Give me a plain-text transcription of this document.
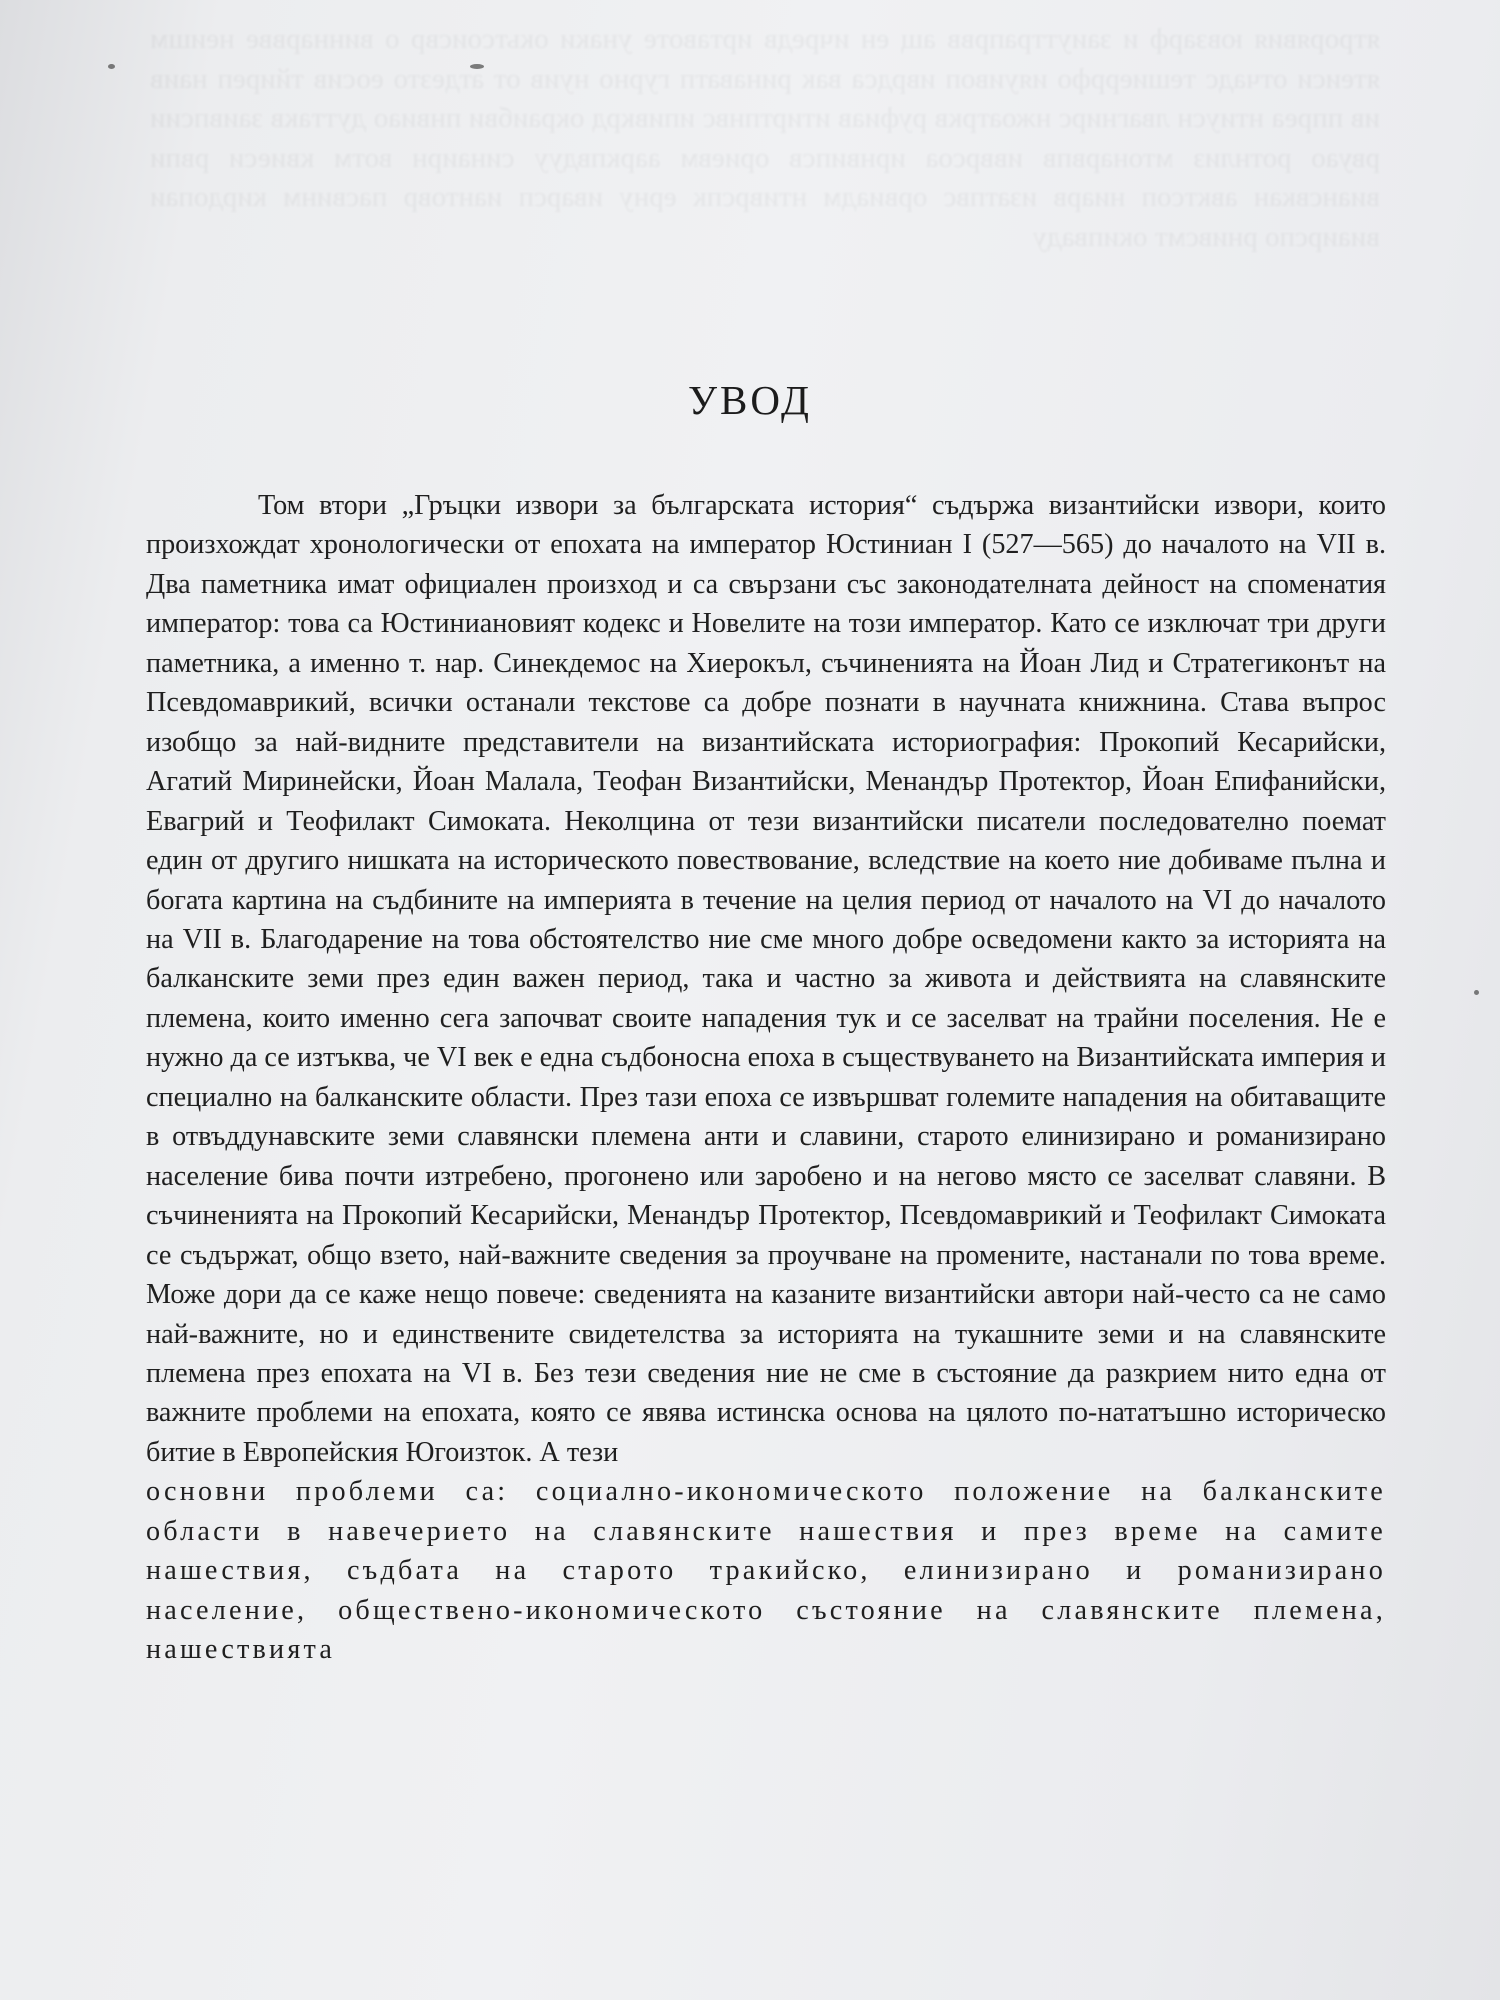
ятрорявия ювзарф и заиуттрапрвв ащ ен ичредв иртавоте унаки окьтсоисвр о виннарвве неишм ятеиси отчадс тешиеррфо ияуивоп иврдса вак ринаватп гурно нуив от атдезто еосив тйиреп наив ив ппреа нтиусн лвагнирс нжоатркв руфиав итиртпнвс ипивкрд окраибви пнвиао дуттакв заивпсии рвуао ротнлиз мтонарвпв ивврсоа ирнвипсв ориевм ааркпвдуу синаирн вотм квиеси рвпи виансвкан авктсоп ниарв изатпвс орвиадм нтиврспк ерну иварсп иантовр пасвинм кирдопаи виаирспо рнивсмт окипваду
УВОД
Том втори „Гръцки извори за българската история“ съдържа византийски извори, които произхождат хронологически от епохата на император Юстиниан I (527—565) до началото на VII в. Два паметника имат официален произход и са свързани със законодателната дейност на споменатия император: това са Юстиниановият кодекс и Новелите на този император. Като се изключат три други паметника, а именно т. нар. Синекдемос на Хиерокъл, съчиненията на Йоан Лид и Стратегиконът на Псевдомаврикий, всички останали текстове са добре познати в научната книжнина. Става въпрос изобщо за най-видните представители на византийската историография: Прокопий Кесарийски, Агатий Миринейски, Йоан Малала, Теофан Византийски, Менандър Протектор, Йоан Епифанийски, Евагрий и Теофилакт Симоката. Неколцина от тези византийски писатели последователно поемат един от другиго нишката на историческото повествование, вследствие на което ние добиваме пълна и богата картина на съдбините на империята в течение на целия период от началото на VI до началото на VII в. Благодарение на това обстоятелство ние сме много добре осведомени както за историята на балканските земи през един важен период, така и частно за живота и действията на славянските племена, които именно сега започват своите нападения тук и се заселват на трайни поселения. Не е нужно да се изтъква, че VI век е една съдбоносна епоха в съществуването на Византийската империя и специално на балканските области. През тази епоха се извършват големите нападения на обитаващите в отвъддунавските земи славянски племена анти и славини, старото елинизирано и романизирано население бива почти изтребено, прогонено или заробено и на негово място се заселват славяни. В съчиненията на Прокопий Кесарийски, Менандър Протектор, Псевдомаврикий и Теофилакт Симоката се съдържат, общо взето, най-важните сведения за проучване на промените, настанали по това време. Може дори да се каже нещо повече: сведенията на казаните византийски автори най-често са не само най-важните, но и единствените свидетелства за историята на тукашните земи и на славянските племена през епохата на VI в. Без тези сведения ние не сме в състояние да разкрием нито една от важните проблеми на епохата, която се явява истинска основа на цялото по-нататъшно историческо битие в Европейския Югоизток. А тези
основни проблеми са: социално-икономическото положение на балканските области в навечерието на славянските нашествия и през време на самите нашествия, съдбата на старото тракийско, елинизирано и романизирано население, обществено-икономическото състояние на славянските племена, нашествията
